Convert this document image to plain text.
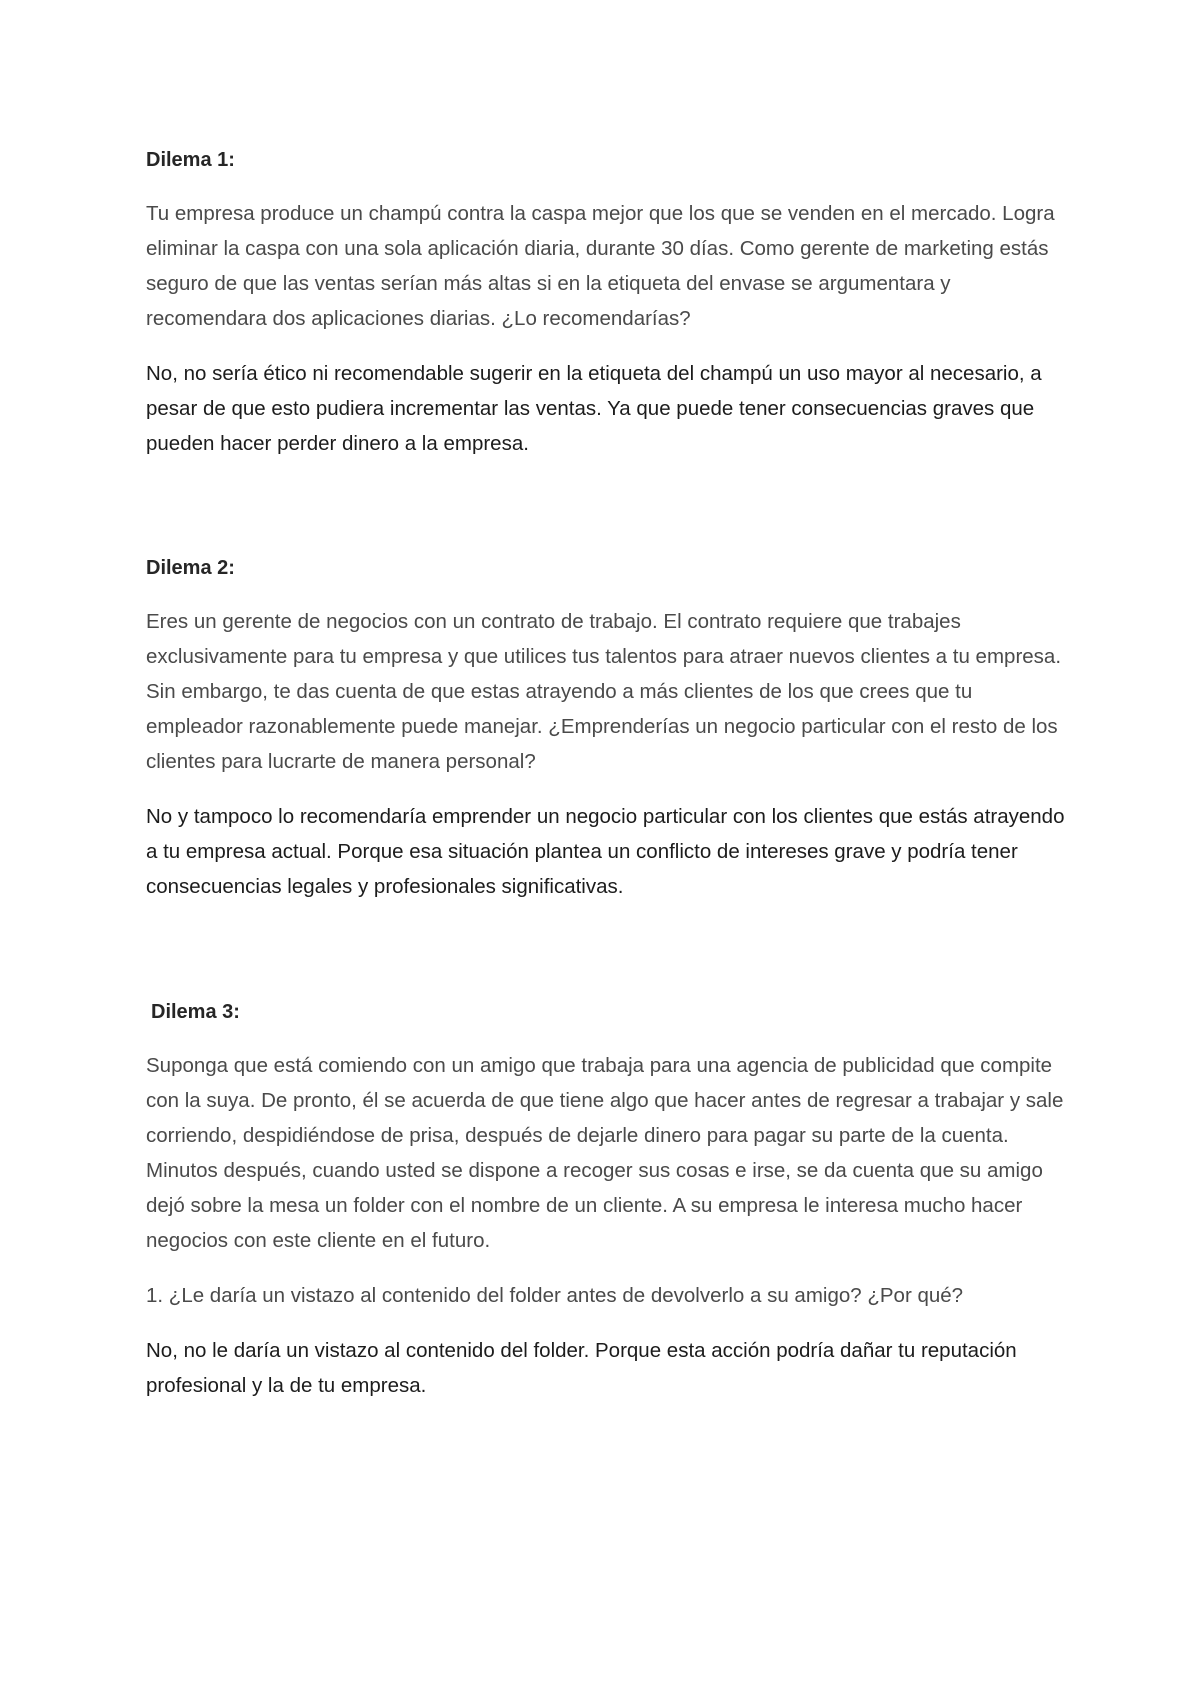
Dilema 1:

Tu empresa produce un champú contra la caspa mejor que los que se venden en el mercado. Logra eliminar la caspa con una sola aplicación diaria, durante 30 días. Como gerente de marketing estás seguro de que las ventas serían más altas si en la etiqueta del envase se argumentara y recomendara dos aplicaciones diarias. ¿Lo recomendarías?

No, no sería ético ni recomendable sugerir en la etiqueta del champú un uso mayor al necesario, a pesar de que esto pudiera incrementar las ventas. Ya que puede tener consecuencias graves que pueden hacer perder dinero a la empresa.

Dilema 2:

Eres un gerente de negocios con un contrato de trabajo. El contrato requiere que trabajes exclusivamente para tu empresa y que utilices tus talentos para atraer nuevos clientes a tu empresa. Sin embargo, te das cuenta de que estas atrayendo a más clientes de los que crees que tu empleador razonablemente puede manejar. ¿Emprenderías un negocio particular con el resto de los clientes para lucrarte de manera personal?

No y tampoco lo recomendaría emprender un negocio particular con los clientes que estás atrayendo a tu empresa actual. Porque esa situación plantea un conflicto de intereses grave y podría tener consecuencias legales y profesionales significativas.

Dilema 3:

Suponga que está comiendo con un amigo que trabaja para una agencia de publicidad que compite con la suya. De pronto, él se acuerda de que tiene algo que hacer antes de regresar a trabajar y sale corriendo, despidiéndose de prisa, después de dejarle dinero para pagar su parte de la cuenta. Minutos después, cuando usted se dispone a recoger sus cosas e irse, se da cuenta que su amigo dejó sobre la mesa un folder con el nombre de un cliente. A su empresa le interesa mucho hacer negocios con este cliente en el futuro.

1. ¿Le daría un vistazo al contenido del folder antes de devolverlo a su amigo? ¿Por qué?

No, no le daría un vistazo al contenido del folder. Porque esta acción podría dañar tu reputación profesional y la de tu empresa.
